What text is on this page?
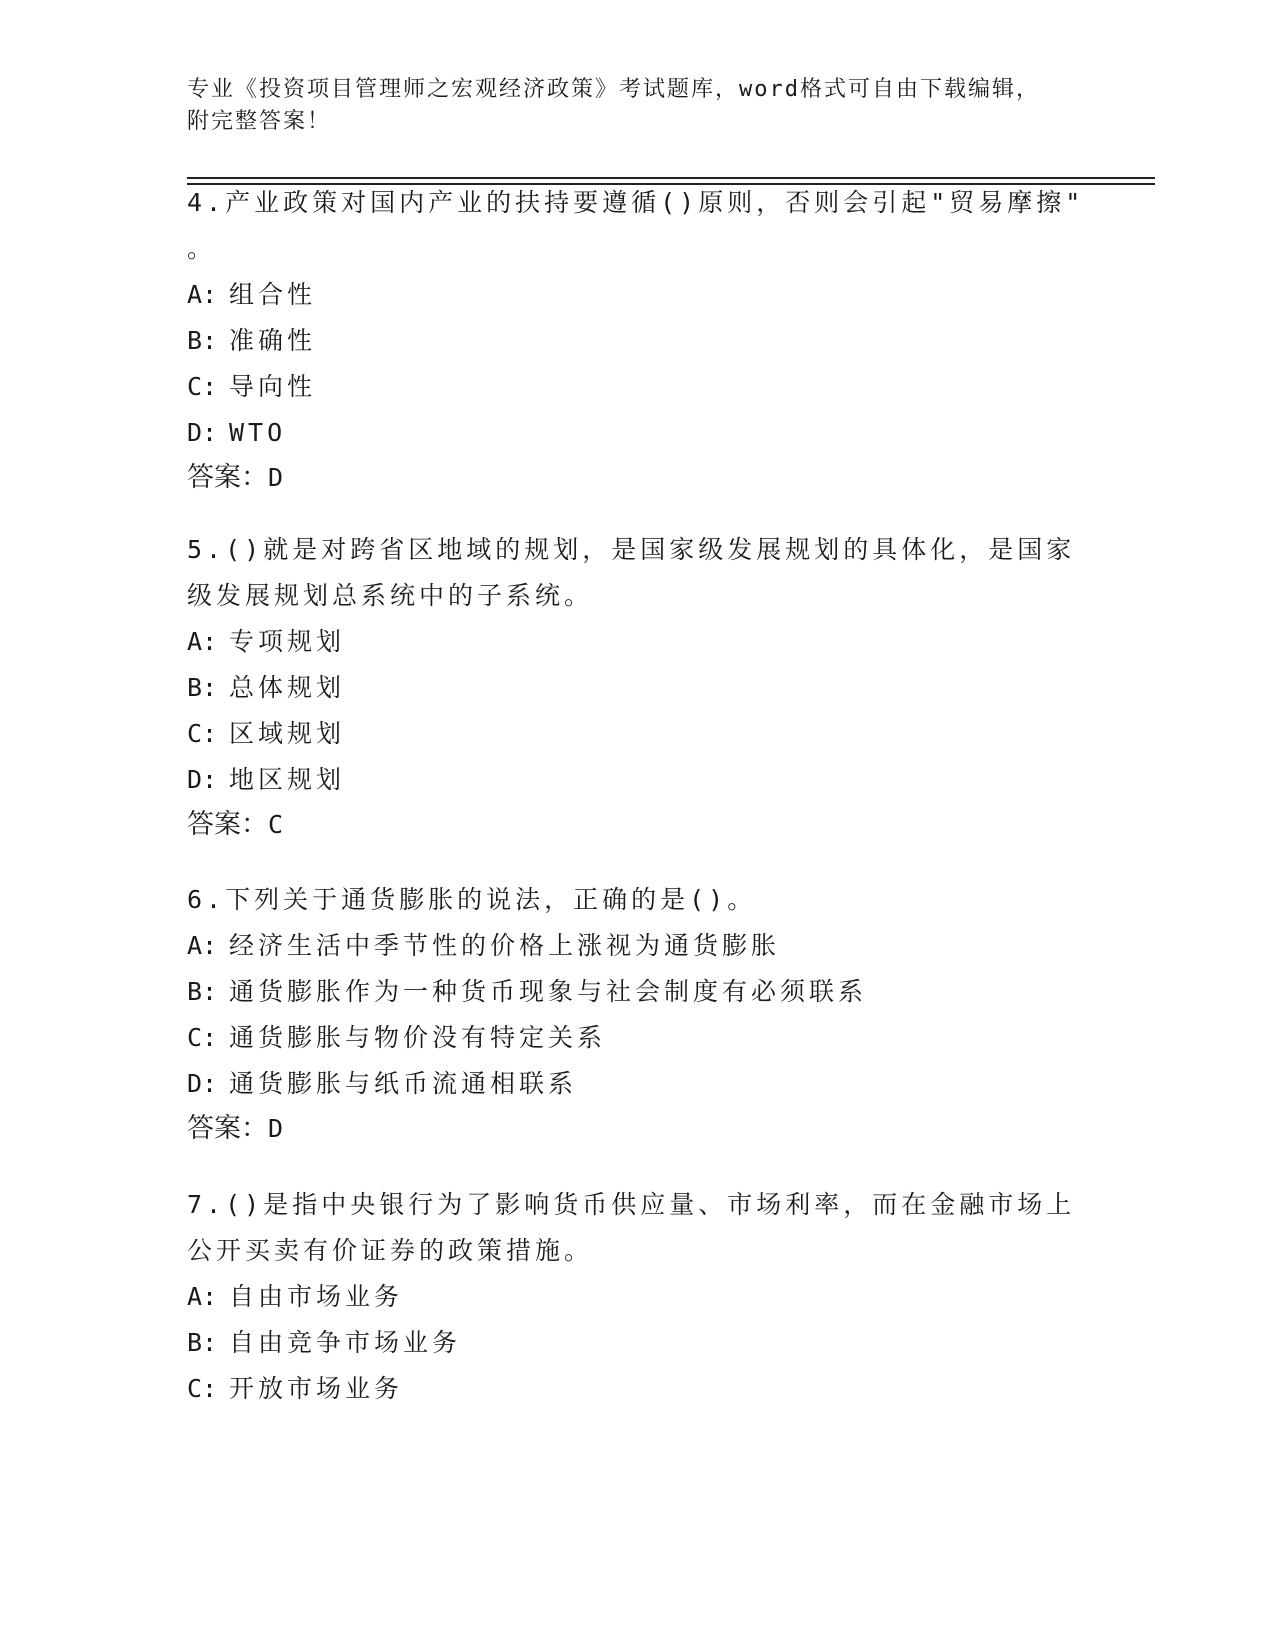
专业《投资项目管理师之宏观经济政策》考试题库，word格式可自由下载编辑，
附完整答案！

4.产业政策对国内产业的扶持要遵循()原则，否则会引起"贸易摩擦"

。

A: 组合性

B: 准确性

C: 导向性

D: WTO

答案：D

5.()就是对跨省区地域的规划，是国家级发展规划的具体化，是国家

级发展规划总系统中的子系统。

A: 专项规划

B: 总体规划

C: 区域规划

D: 地区规划

答案：C

6.下列关于通货膨胀的说法，正确的是()。

A: 经济生活中季节性的价格上涨视为通货膨胀

B: 通货膨胀作为一种货币现象与社会制度有必须联系

C: 通货膨胀与物价没有特定关系

D: 通货膨胀与纸币流通相联系

答案：D

7.()是指中央银行为了影响货币供应量、市场利率，而在金融市场上

公开买卖有价证券的政策措施。

A: 自由市场业务

B: 自由竞争市场业务

C: 开放市场业务
